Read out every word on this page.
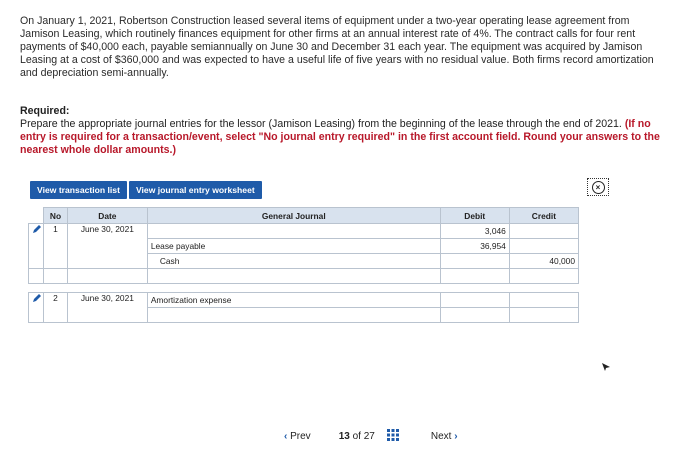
On January 1, 2021, Robertson Construction leased several items of equipment under a two-year operating lease agreement from Jamison Leasing, which routinely finances equipment for other firms at an annual interest rate of 4%. The contract calls for four rent payments of $40,000 each, payable semiannually on June 30 and December 31 each year. The equipment was acquired by Jamison Leasing at a cost of $360,000 and was expected to have a useful life of five years with no residual value. Both firms record amortization and depreciation semi-annually.
Required:
Prepare the appropriate journal entries for the lessor (Jamison Leasing) from the beginning of the lease through the end of 2021. (If no entry is required for a transaction/event, select "No journal entry required" in the first account field. Round your answers to the nearest whole dollar amounts.)
View transaction list View journal entry worksheet	×
	No	Date	General Journal	Debit	Credit

	1	June 30, 2021		3,046	
			Lease payable	36,954	
			Cash		40,000

	2	June 30, 2021	Amortization expense		

‹ Prev	13 of 27	Next ›
